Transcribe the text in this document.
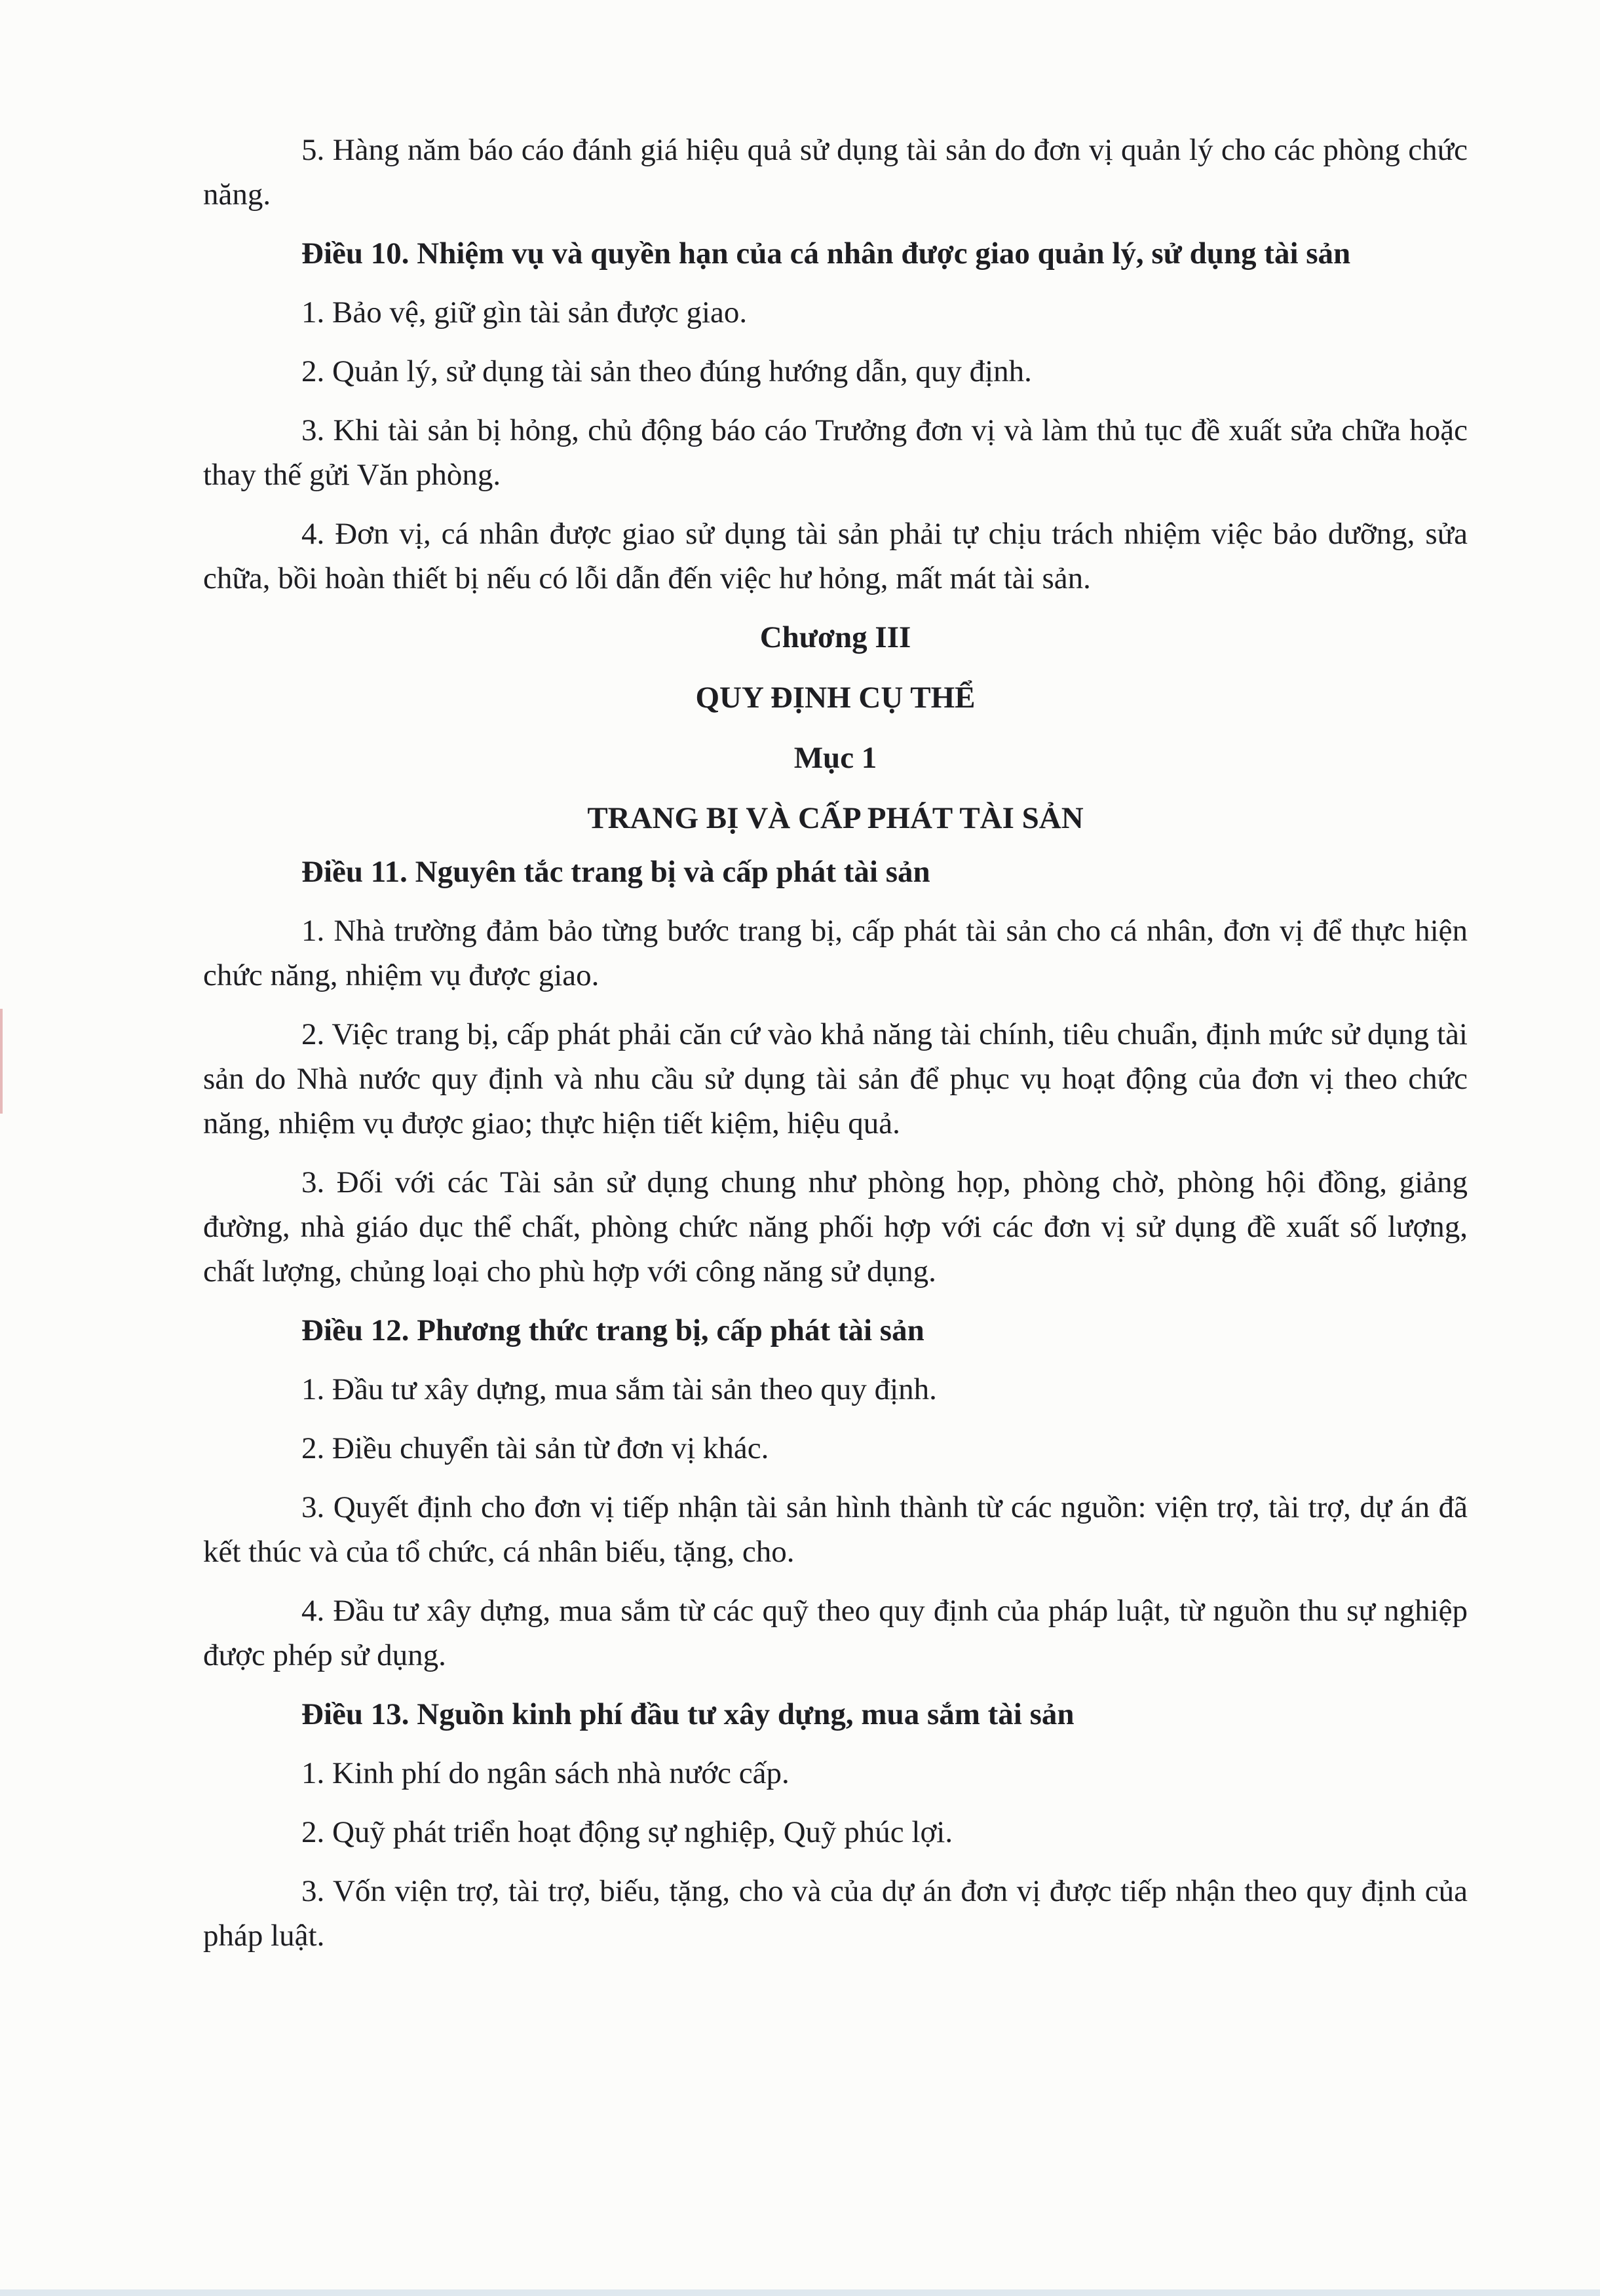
5. Hàng năm báo cáo đánh giá hiệu quả sử dụng tài sản do đơn vị quản lý cho các phòng chức năng.

Điều 10. Nhiệm vụ và quyền hạn của cá nhân được giao quản lý, sử dụng tài sản

1. Bảo vệ, giữ gìn tài sản được giao.

2. Quản lý, sử dụng tài sản theo đúng hướng dẫn, quy định.

3. Khi tài sản bị hỏng, chủ động báo cáo Trưởng đơn vị và làm thủ tục đề xuất sửa chữa hoặc thay thế gửi Văn phòng.

4. Đơn vị, cá nhân được giao sử dụng tài sản phải tự chịu trách nhiệm việc bảo dưỡng, sửa chữa, bồi hoàn thiết bị nếu có lỗi dẫn đến việc hư hỏng, mất mát tài sản.

Chương III
QUY ĐỊNH CỤ THỂ
Mục 1
TRANG BỊ VÀ CẤP PHÁT TÀI SẢN

Điều 11. Nguyên tắc trang bị và cấp phát tài sản

1. Nhà trường đảm bảo từng bước trang bị, cấp phát tài sản cho cá nhân, đơn vị để thực hiện chức năng, nhiệm vụ được giao.

2. Việc trang bị, cấp phát phải căn cứ vào khả năng tài chính, tiêu chuẩn, định mức sử dụng tài sản do Nhà nước quy định và nhu cầu sử dụng tài sản để phục vụ hoạt động của đơn vị theo chức năng, nhiệm vụ được giao; thực hiện tiết kiệm, hiệu quả.

3. Đối với các Tài sản sử dụng chung như phòng họp, phòng chờ, phòng hội đồng, giảng đường, nhà giáo dục thể chất, phòng chức năng phối hợp với các đơn vị sử dụng đề xuất số lượng, chất lượng, chủng loại cho phù hợp với công năng sử dụng.

Điều 12. Phương thức trang bị, cấp phát tài sản

1. Đầu tư xây dựng, mua sắm tài sản theo quy định.

2. Điều chuyển tài sản từ đơn vị khác.

3. Quyết định cho đơn vị tiếp nhận tài sản hình thành từ các nguồn: viện trợ, tài trợ, dự án đã kết thúc và của tổ chức, cá nhân biếu, tặng, cho.

4. Đầu tư xây dựng, mua sắm từ các quỹ theo quy định của pháp luật, từ nguồn thu sự nghiệp được phép sử dụng.

Điều 13. Nguồn kinh phí đầu tư xây dựng, mua sắm tài sản

1. Kinh phí do ngân sách nhà nước cấp.

2. Quỹ phát triển hoạt động sự nghiệp, Quỹ phúc lợi.

3. Vốn viện trợ, tài trợ, biếu, tặng, cho và của dự án đơn vị được tiếp nhận theo quy định của pháp luật.
